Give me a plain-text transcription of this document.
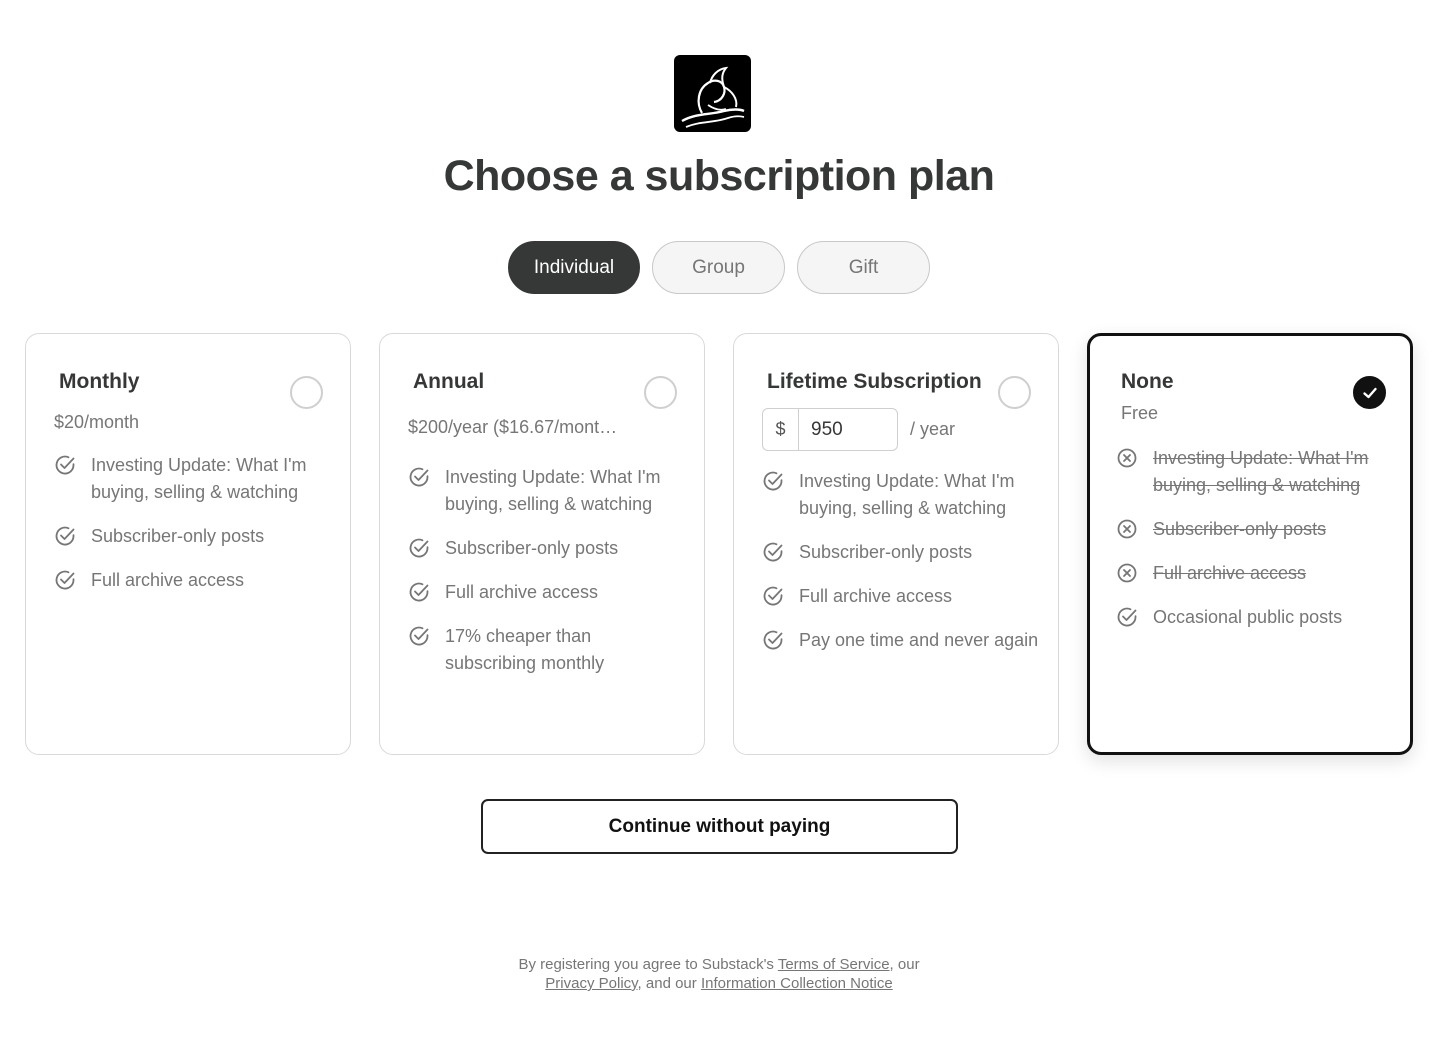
Choose a subscription plan
Individual	Group	Gift
Monthly
$20/month
Investing Update: What I'm buying, selling & watching
Subscriber-only posts
Full archive access
Annual
$200/year ($16.67/mont…
Investing Update: What I'm buying, selling & watching
Subscriber-only posts
Full archive access
17% cheaper than subscribing monthly
Lifetime Subscription
$
950	/ year
Investing Update: What I'm buying, selling & watching
Subscriber-only posts
Full archive access
Pay one time and never again
None
Free
Investing Update: What I'm buying, selling & watching
Subscriber-only posts
Full archive access
Occasional public posts
Continue without paying
By registering you agree to Substack's Terms of Service, our
Privacy Policy, and our Information Collection Notice
